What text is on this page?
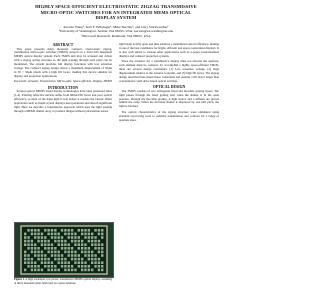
HIGHLY SPACE-EFFICIENT ELECTROSTATIC ZIGZAG TRANSMISSIVE
MICRO-OPTIC SWITCHES FOR AN INTEGRATED MEMS OPTICAL
DISPLAY SYSTEM
Kerwin Wang¹, Karl F. Böhringer¹, Mike Sinclair², and Gary Starkweather²
¹University of Washington, Seattle, WA 98195, USA, kerwin@ee.washington.edu
²Microsoft Research, Redmond, WA 98052, USA
ABSTRACT

This paper presents thirty thousand, compact, electrostatic zigzag, transmissive micro-optic switches (TMOS) arrayed on a 3cm×3cm integrated MEMS optical display system. Each TMOS unit may be actuated and driven with a zigzag spring structure so the light passing through each pixel can be modulated. The system provides full display functions with low actuation voltage. The compact zigzag design allows a maximum displacement of 50μm in 50 × 50μm pixels with a high fill factor, making this device suitable for display and projection applications.

Keywords: Actuator, Transmissive, Micro-optic, Space-efficient, Display, MEMS

INTRODUCTION

Several optical MEMS based display technologies have been presented since [1-4]. Existing reflective devices suffer from limited fill factor and poor optical efficiency, so most of the input light is lost before it reaches the viewer. Other approaches such as liquid crystal displays need polarizers and absorb significant light. Here we describe a transmissive approach which uses the light passing through a MEMS shutter array to produce images without polarization losses.

Figure 1. A high resolution, low power, transmissive MEMS optical display consisting of thirty thousand pixels fabricated on a glass substrate.

light beam is fully open and thus achieves a maximized optical efficiency, making it one of the best candidates for bright, efficient and space-constrained displays. It is also well suited to various other applications such as e-paper, head-mounted displays and compact projection systems.

Since the actuators for a transmissive display must not obscure the aperture, each element must be compact. To accomplish a highly space-efficient TMOS, there are several design constraints: (1) Low actuation voltage, (2) large displacement relative to the actuator footprint, and (3) high fill factor. The zigzag design described here meets these constraints and enables a fill factor larger than conventional comb drive based optical switches.

OPTICAL DESIGN

The TMOS consists of two orthogonal fixed and movable grating layers. The light passes through the fixed grating and, when the shutter is in the open position, through the movable grating. A light source and a diffuser are placed behind the array. When the movable shutter is displaced by one half pitch, the light is blocked.

The optical characteristics of the zigzag structure were simulated using standard ray-tracing tools to estimate transmission and contrast for a range of aperture sizes.
